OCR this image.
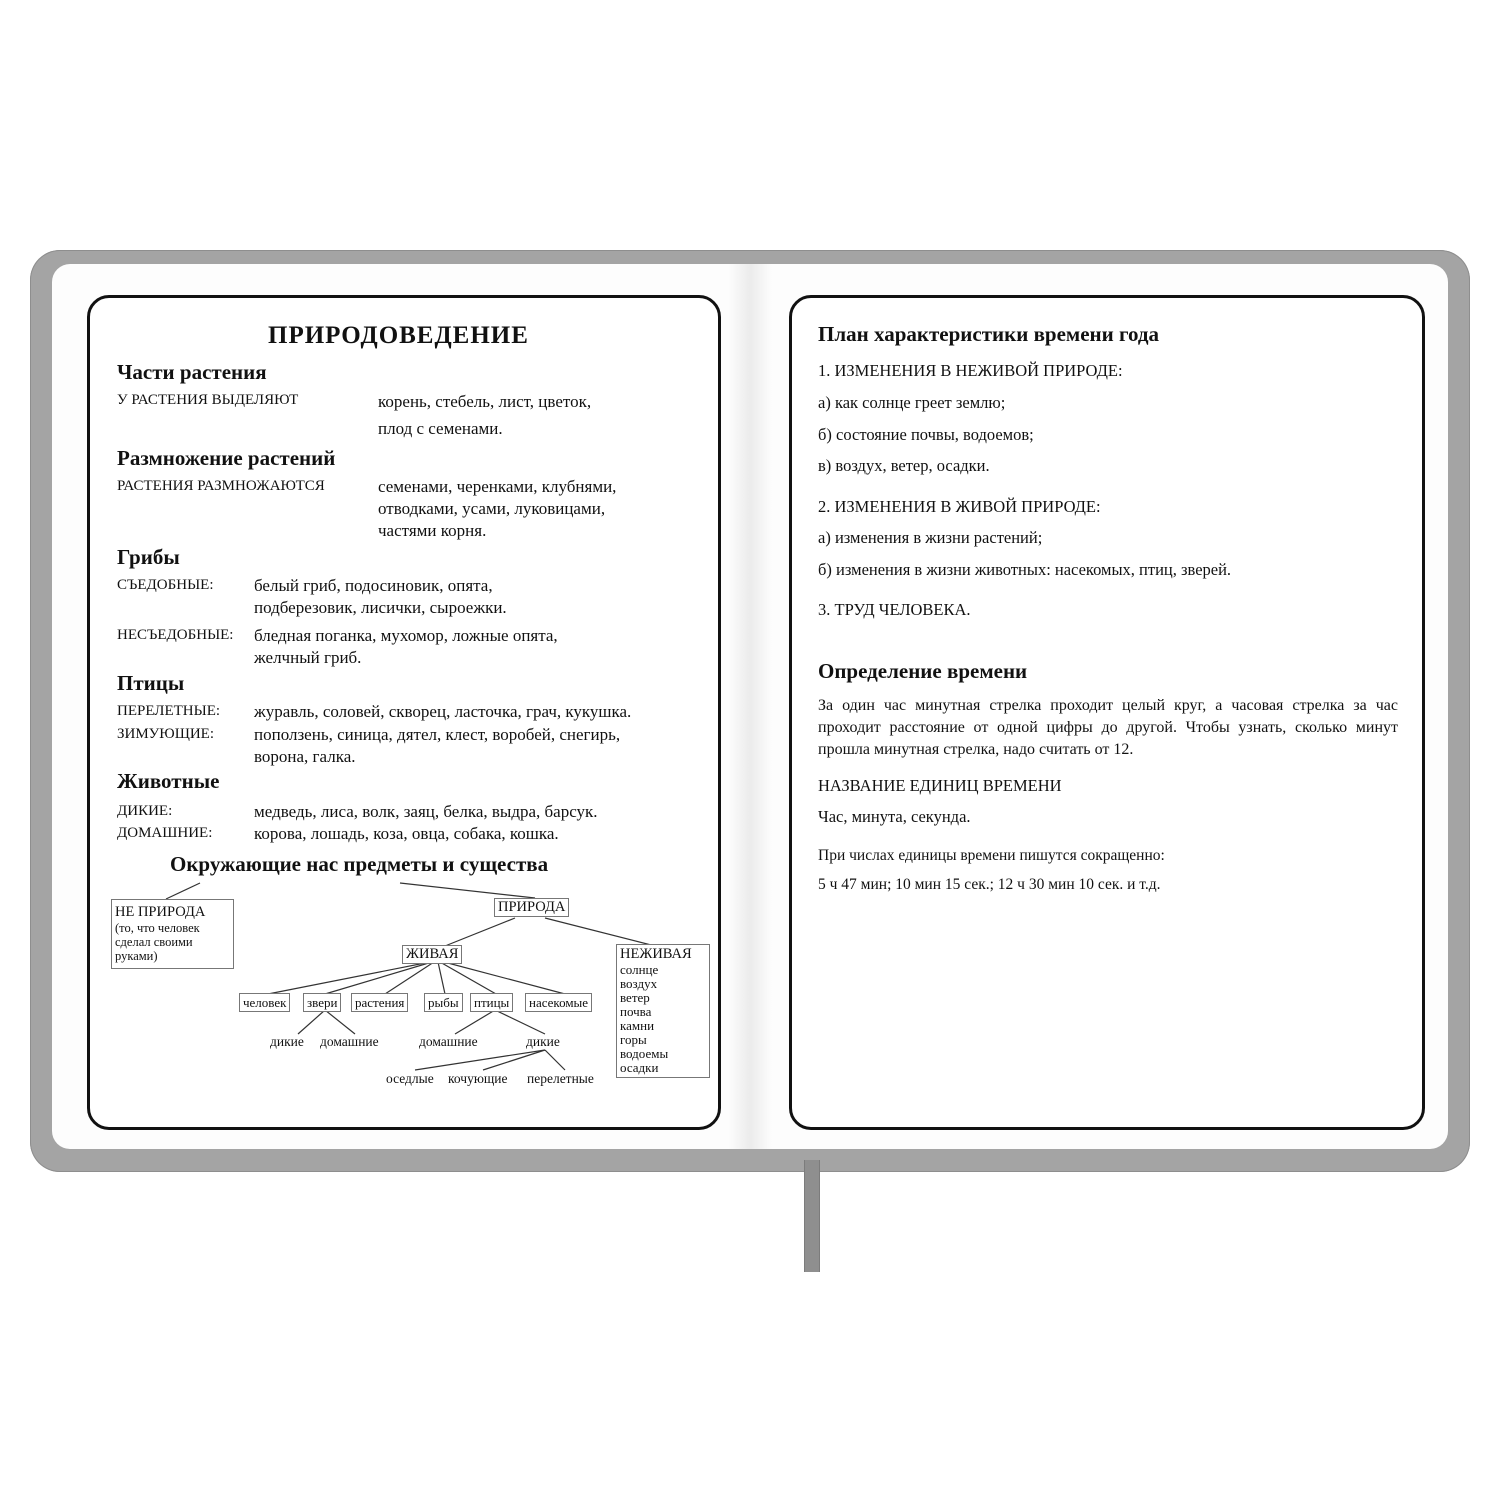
ПРИРОДОВЕДЕНИЕ
Части растения
У РАСТЕНИЯ ВЫДЕЛЯЮТ	корень, стебель, лист, цветок,
плод с семенами.
Размножение растений
РАСТЕНИЯ РАЗМНОЖАЮТСЯ	семенами, черенками, клубнями,
отводками, усами, луковицами,
частями корня.
Грибы
СЪЕДОБНЫЕ: белый гриб, подосиновик, опята,
подберезовик, лисички, сыроежки.
НЕСЪЕДОБНЫЕ: бледная поганка, мухомор, ложные опята,
желчный гриб.
Птицы
ПЕРЕЛЕТНЫЕ: журавль, соловей, скворец, ласточка, грач, кукушка.
ЗИМУЮЩИЕ: поползень, синица, дятел, клест, воробей, снегирь,
ворона, галка.
Животные
ДИКИЕ:	медведь, лиса, волк, заяц, белка, выдра, барсук.
ДОМАШНИЕ: корова, лошадь, коза, овца, собака, кошка.
Окружающие нас предметы и существа
НЕ ПРИРОДА
(то, что человек
сделал своими
руками)
ПРИРОДА
ЖИВАЯ	НЕЖИВАЯ
солнце
воздух
ветер
почва
камни
горы
водоемы
осадки
человек	звери	растения	рыбы	птицы	насекомые
дикие домашние	домашние	дикие
оседлые кочующие перелетные
План характеристики времени года
1. ИЗМЕНЕНИЯ В НЕЖИВОЙ ПРИРОДЕ:
а) как солнце греет землю;
б) состояние почвы, водоемов;
в) воздух, ветер, осадки.
2. ИЗМЕНЕНИЯ В ЖИВОЙ ПРИРОДЕ:
а) изменения в жизни растений;
б) изменения в жизни животных: насекомых, птиц, зверей.
3. ТРУД ЧЕЛОВЕКА.
Определение времени
За один час минутная стрелка проходит целый круг, а часовая стрелка за час проходит расстояние от одной цифры до другой. Чтобы узнать, сколько минут прошла минутная стрелка, надо считать от 12.
НАЗВАНИЕ ЕДИНИЦ ВРЕМЕНИ
Час, минута, секунда.
При числах единицы времени пишутся сокращенно:
5 ч 47 мин; 10 мин 15 сек.; 12 ч 30 мин 10 сек. и т.д.
